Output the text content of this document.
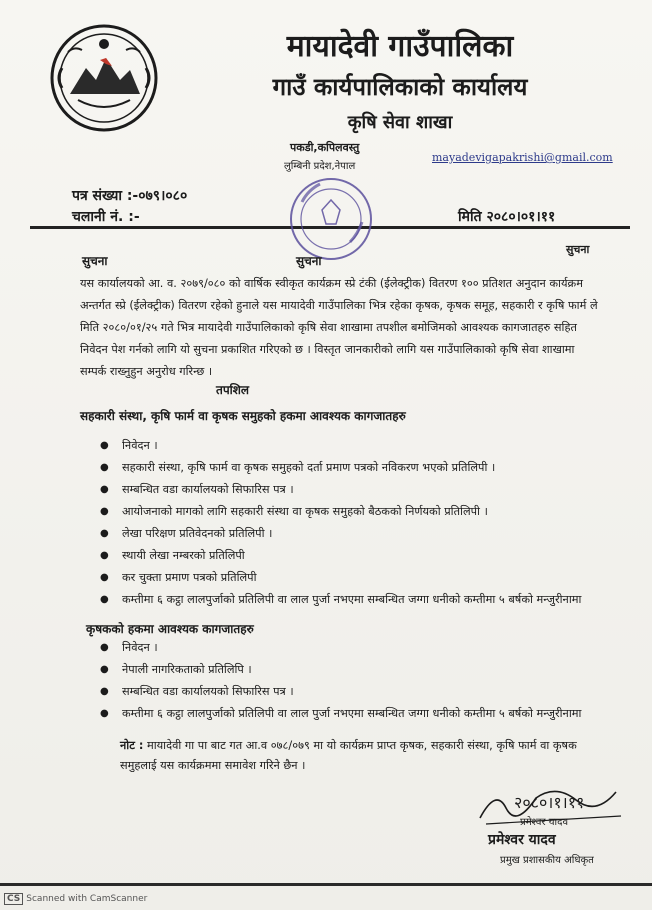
मायादेवी गाउँपालिका
गाउँ कार्यपालिकाको कार्यालय
कृषि सेवा शाखा
पकडी,कपिलवस्तु
लुम्बिनी प्रदेश,नेपाल
mayadevigapakrishi@gmail.com
पत्र संख्या :-०७९।०८०
चलानी नं. :-	मिति २०८०।०१।११
सुचना	सुचना
सुचना
यस कार्यालयको आ. व. २०७९/०८० को वार्षिक स्वीकृत कार्यक्रम स्प्रे टंकी (ईलेक्ट्रीक) वितरण १०० प्रतिशत अनुदान कार्यक्रम अन्तर्गत स्प्रे (ईलेक्ट्रीक) वितरण रहेको हुनाले यस मायादेवी गाउँपालिका भित्र रहेका कृषक, कृषक समूह, सहकारी र कृषि फार्म ले मिति २०८०/०१/२५ गते भित्र मायादेवी गाउँपालिकाको कृषि सेवा शाखामा तपशील बमोजिमको आवश्यक कागजातहरु सहित निवेदन पेश गर्नको लागि यो सुचना प्रकाशित गरिएको छ । विस्तृत जानकारीको लागि यस गाउँपालिकाको कृषि सेवा शाखामा सम्पर्क राख्नुहुन अनुरोध गरिन्छ ।
तपशिल
सहकारी संस्था, कृषि फार्म वा कृषक समुहको हकमा आवश्यक कागजातहरु
● निवेदन ।
● सहकारी संस्था, कृषि फार्म वा कृषक समुहको दर्ता प्रमाण पत्रको नविकरण भएको प्रतिलिपी ।
● सम्बन्धित वडा कार्यालयको सिफारिस पत्र ।
● आयोजनाको मागको लागि सहकारी संस्था वा कृषक समुहको बैठकको निर्णयको प्रतिलिपी ।
● लेखा परिक्षण प्रतिवेदनको प्रतिलिपी ।
● स्थायी लेखा नम्बरको प्रतिलिपी
● कर चुक्ता प्रमाण पत्रको प्रतिलिपी
● कम्तीमा ६ कट्ठा लालपुर्जाको प्रतिलिपी वा लाल पुर्जा नभएमा सम्बन्धित जग्गा धनीको कम्तीमा ५ बर्षको मन्जुरीनामा
कृषकको हकमा आवश्यक कागजातहरु
● निवेदन ।
● नेपाली नागरिकताको प्रतिलिपि ।
● सम्बन्धित वडा कार्यालयको सिफारिस पत्र ।
● कम्तीमा ६ कट्ठा लालपुर्जाको प्रतिलिपी वा लाल पुर्जा नभएमा सम्बन्धित जग्गा धनीको कम्तीमा ५ बर्षको मन्जुरीनामा
नोट : मायादेवी गा पा बाट गत आ.व ०७८/०७९ मा यो कार्यक्रम प्राप्त कृषक, सहकारी संस्था, कृषि फार्म वा कृषक समुहलाई यस कार्यक्रममा समावेश गरिने छैन ।
२०८०।१।११
प्रमेश्वर यादव
प्रमेश्वर यादव
प्रमुख प्रशासकीय अधिकृत
CS Scanned with CamScanner
